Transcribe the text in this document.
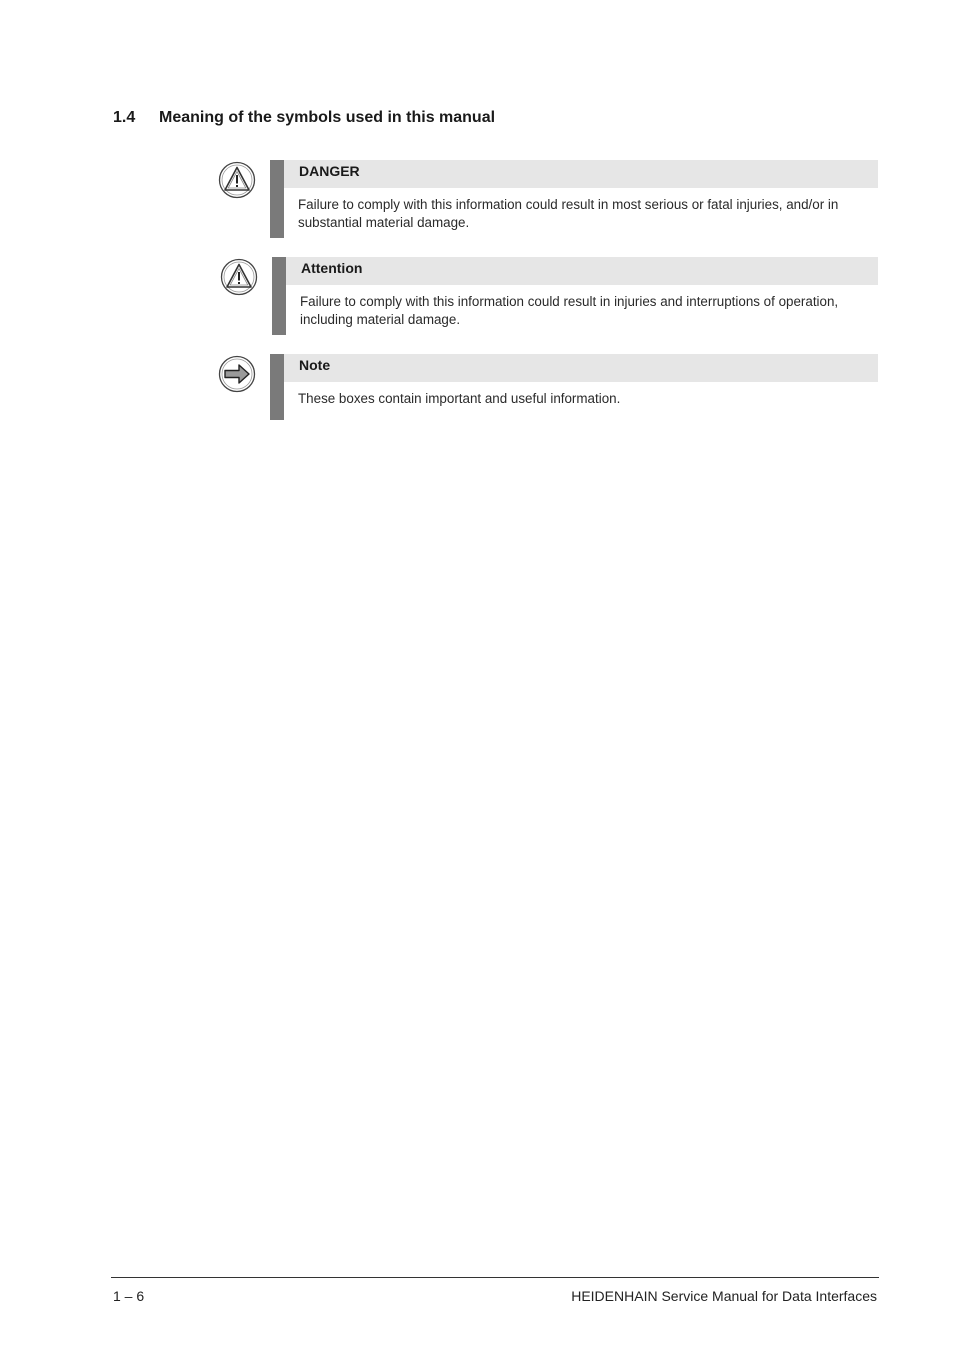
1.4	Meaning of the symbols used in this manual
DANGER
Failure to comply with this information could result in most serious or fatal injuries, and/or in substantial material damage.
Attention
Failure to comply with this information could result in injuries and interruptions of operation, including material damage.
Note
These boxes contain important and useful information.
1 – 6	HEIDENHAIN Service Manual for Data Interfaces
